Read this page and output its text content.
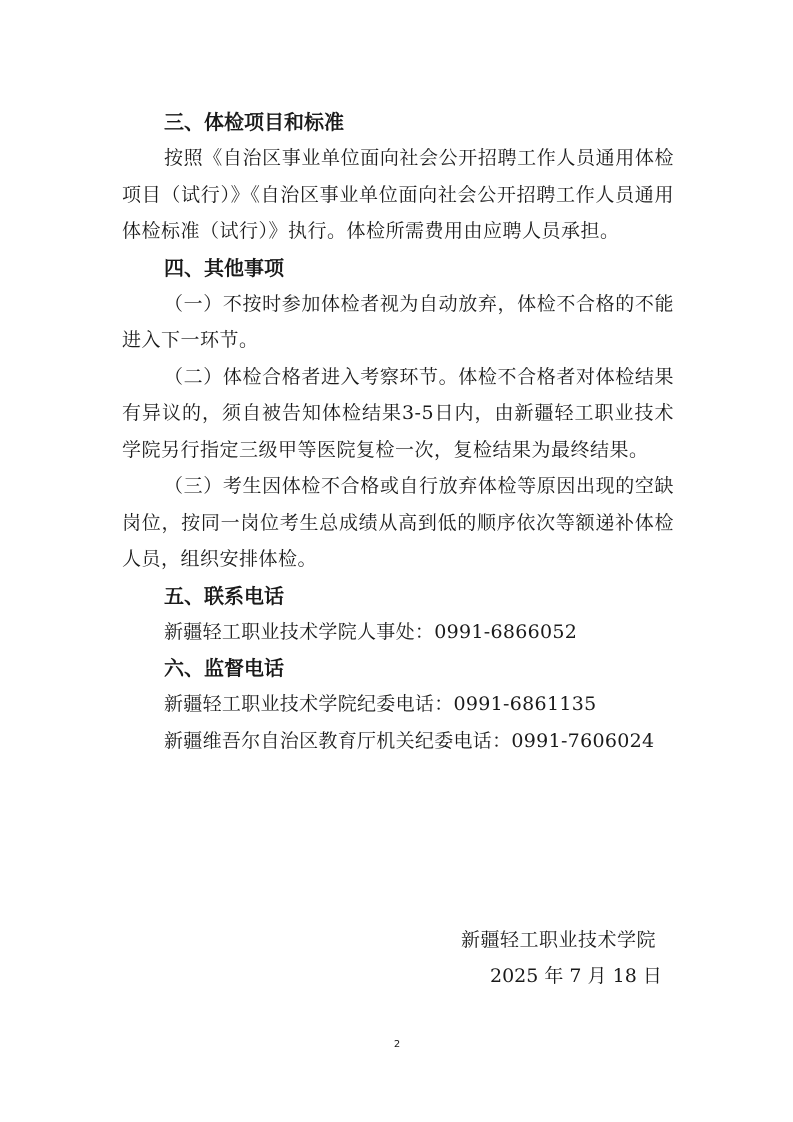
三、体检项目和标准

按照《自治区事业单位面向社会公开招聘工作人员通用体检项目（试行）》《自治区事业单位面向社会公开招聘工作人员通用体检标准（试行）》执行。体检所需费用由应聘人员承担。

四、其他事项

（一）不按时参加体检者视为自动放弃，体检不合格的不能进入下一环节。

（二）体检合格者进入考察环节。体检不合格者对体检结果有异议的，须自被告知体检结果3-5日内，由新疆轻工职业技术学院另行指定三级甲等医院复检一次，复检结果为最终结果。

（三）考生因体检不合格或自行放弃体检等原因出现的空缺岗位，按同一岗位考生总成绩从高到低的顺序依次等额递补体检人员，组织安排体检。

五、联系电话

新疆轻工职业技术学院人事处：0991-6866052

六、监督电话

新疆轻工职业技术学院纪委电话：0991-6861135

新疆维吾尔自治区教育厅机关纪委电话：0991-7606024

新疆轻工职业技术学院
2025 年 7 月 18 日
2
